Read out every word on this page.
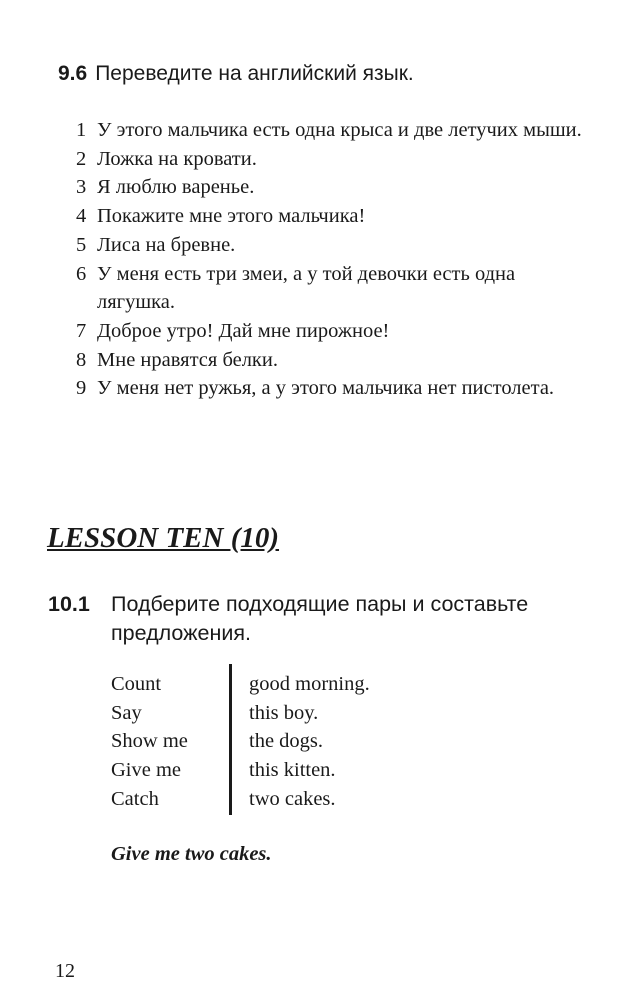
9.6 Переведите на английский язык.
1 У этого мальчика есть одна крыса и две летучих мыши.
2 Ложка на кровати.
3 Я люблю варенье.
4 Покажите мне этого мальчика!
5 Лиса на бревне.
6 У меня есть три змеи, а у той девочки есть одна лягушка.
7 Доброе утро! Дай мне пирожное!
8 Мне нравятся белки.
9 У меня нет ружья, а у этого мальчика нет пистолета.
LESSON TEN (10)
10.1 Подберите подходящие пары и составьте предложения.
Count
Say
Show me
Give me
Catch
good morning.
this boy.
the dogs.
this kitten.
two cakes.
Give me two cakes.
12
